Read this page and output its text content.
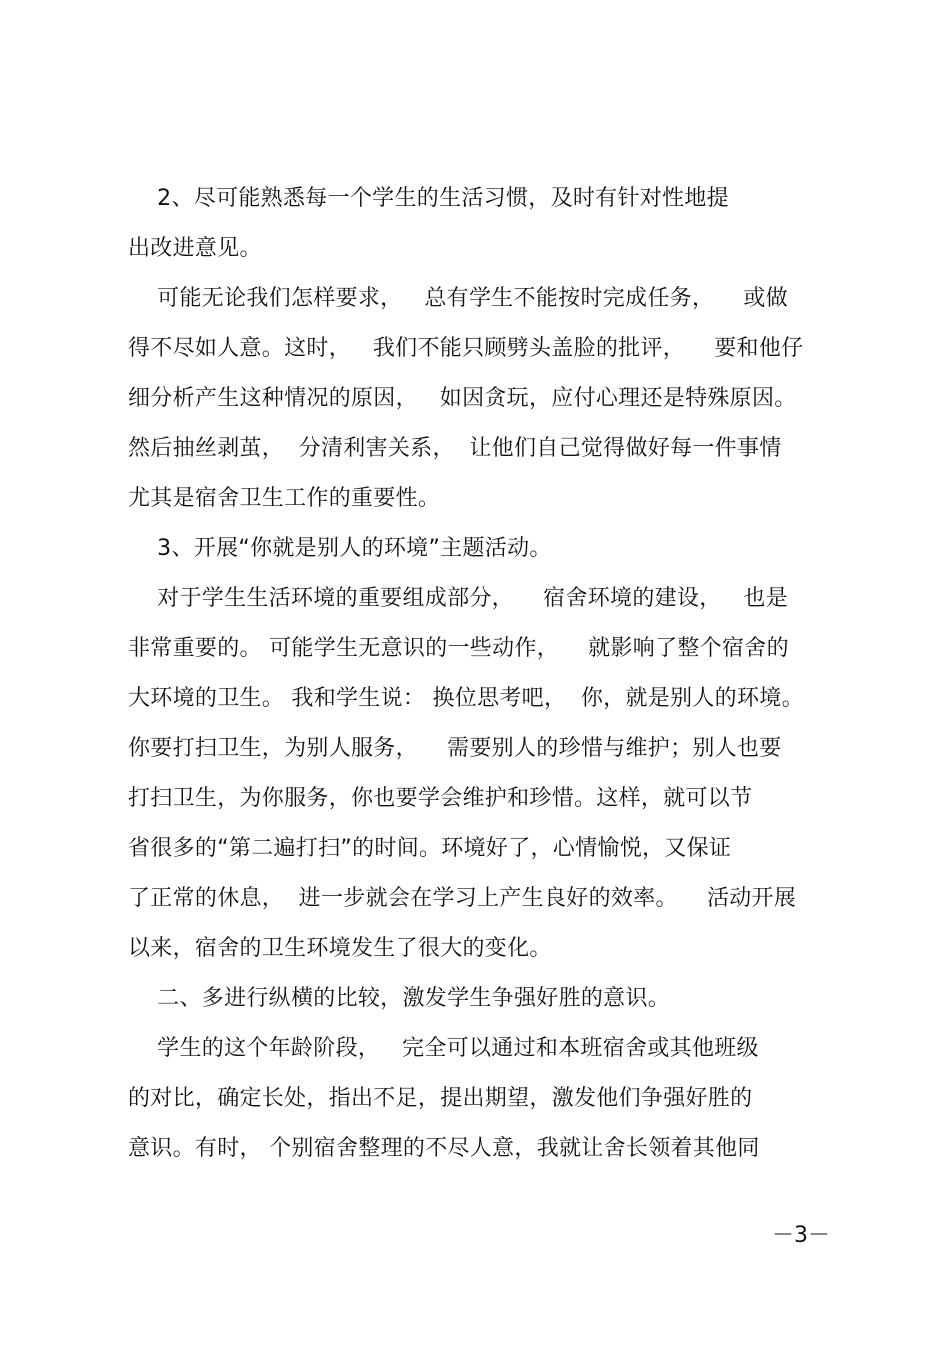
2、尽可能熟悉每一个学生的生活习惯，及时有针对性地提
出改进意见。
可能无论我们怎样要求，   总有学生不能按时完成任务，    或做
得不尽如人意。这时，   我们不能只顾劈头盖脸的批评，    要和他仔
细分析产生这种情况的原因，   如因贪玩，应付心理还是特殊原因。
然后抽丝剥茧，  分清利害关系，  让他们自己觉得做好每一件事情
尤其是宿舍卫生工作的重要性。
3、开展“你就是别人的环境”主题活动。
对于学生生活环境的重要组成部分，    宿舍环境的建设，   也是
非常重要的。 可能学生无意识的一些动作，    就影响了整个宿舍的
大环境的卫生。 我和学生说： 换位思考吧，  你，就是别人的环境。
你要打扫卫生，为别人服务，    需要别人的珍惜与维护；别人也要
打扫卫生，为你服务，你也要学会维护和珍惜。这样，就可以节
省很多的“第二遍打扫”的时间。环境好了，心情愉悦，又保证
了正常的休息，  进一步就会在学习上产生良好的效率。    活动开展
以来，宿舍的卫生环境发生了很大的变化。
二、多进行纵横的比较，激发学生争强好胜的意识。
学生的这个年龄阶段，   完全可以通过和本班宿舍或其他班级
的对比，确定长处，指出不足，提出期望，激发他们争强好胜的
意识。有时， 个别宿舍整理的不尽人意，我就让舍长领着其他同
－3－
